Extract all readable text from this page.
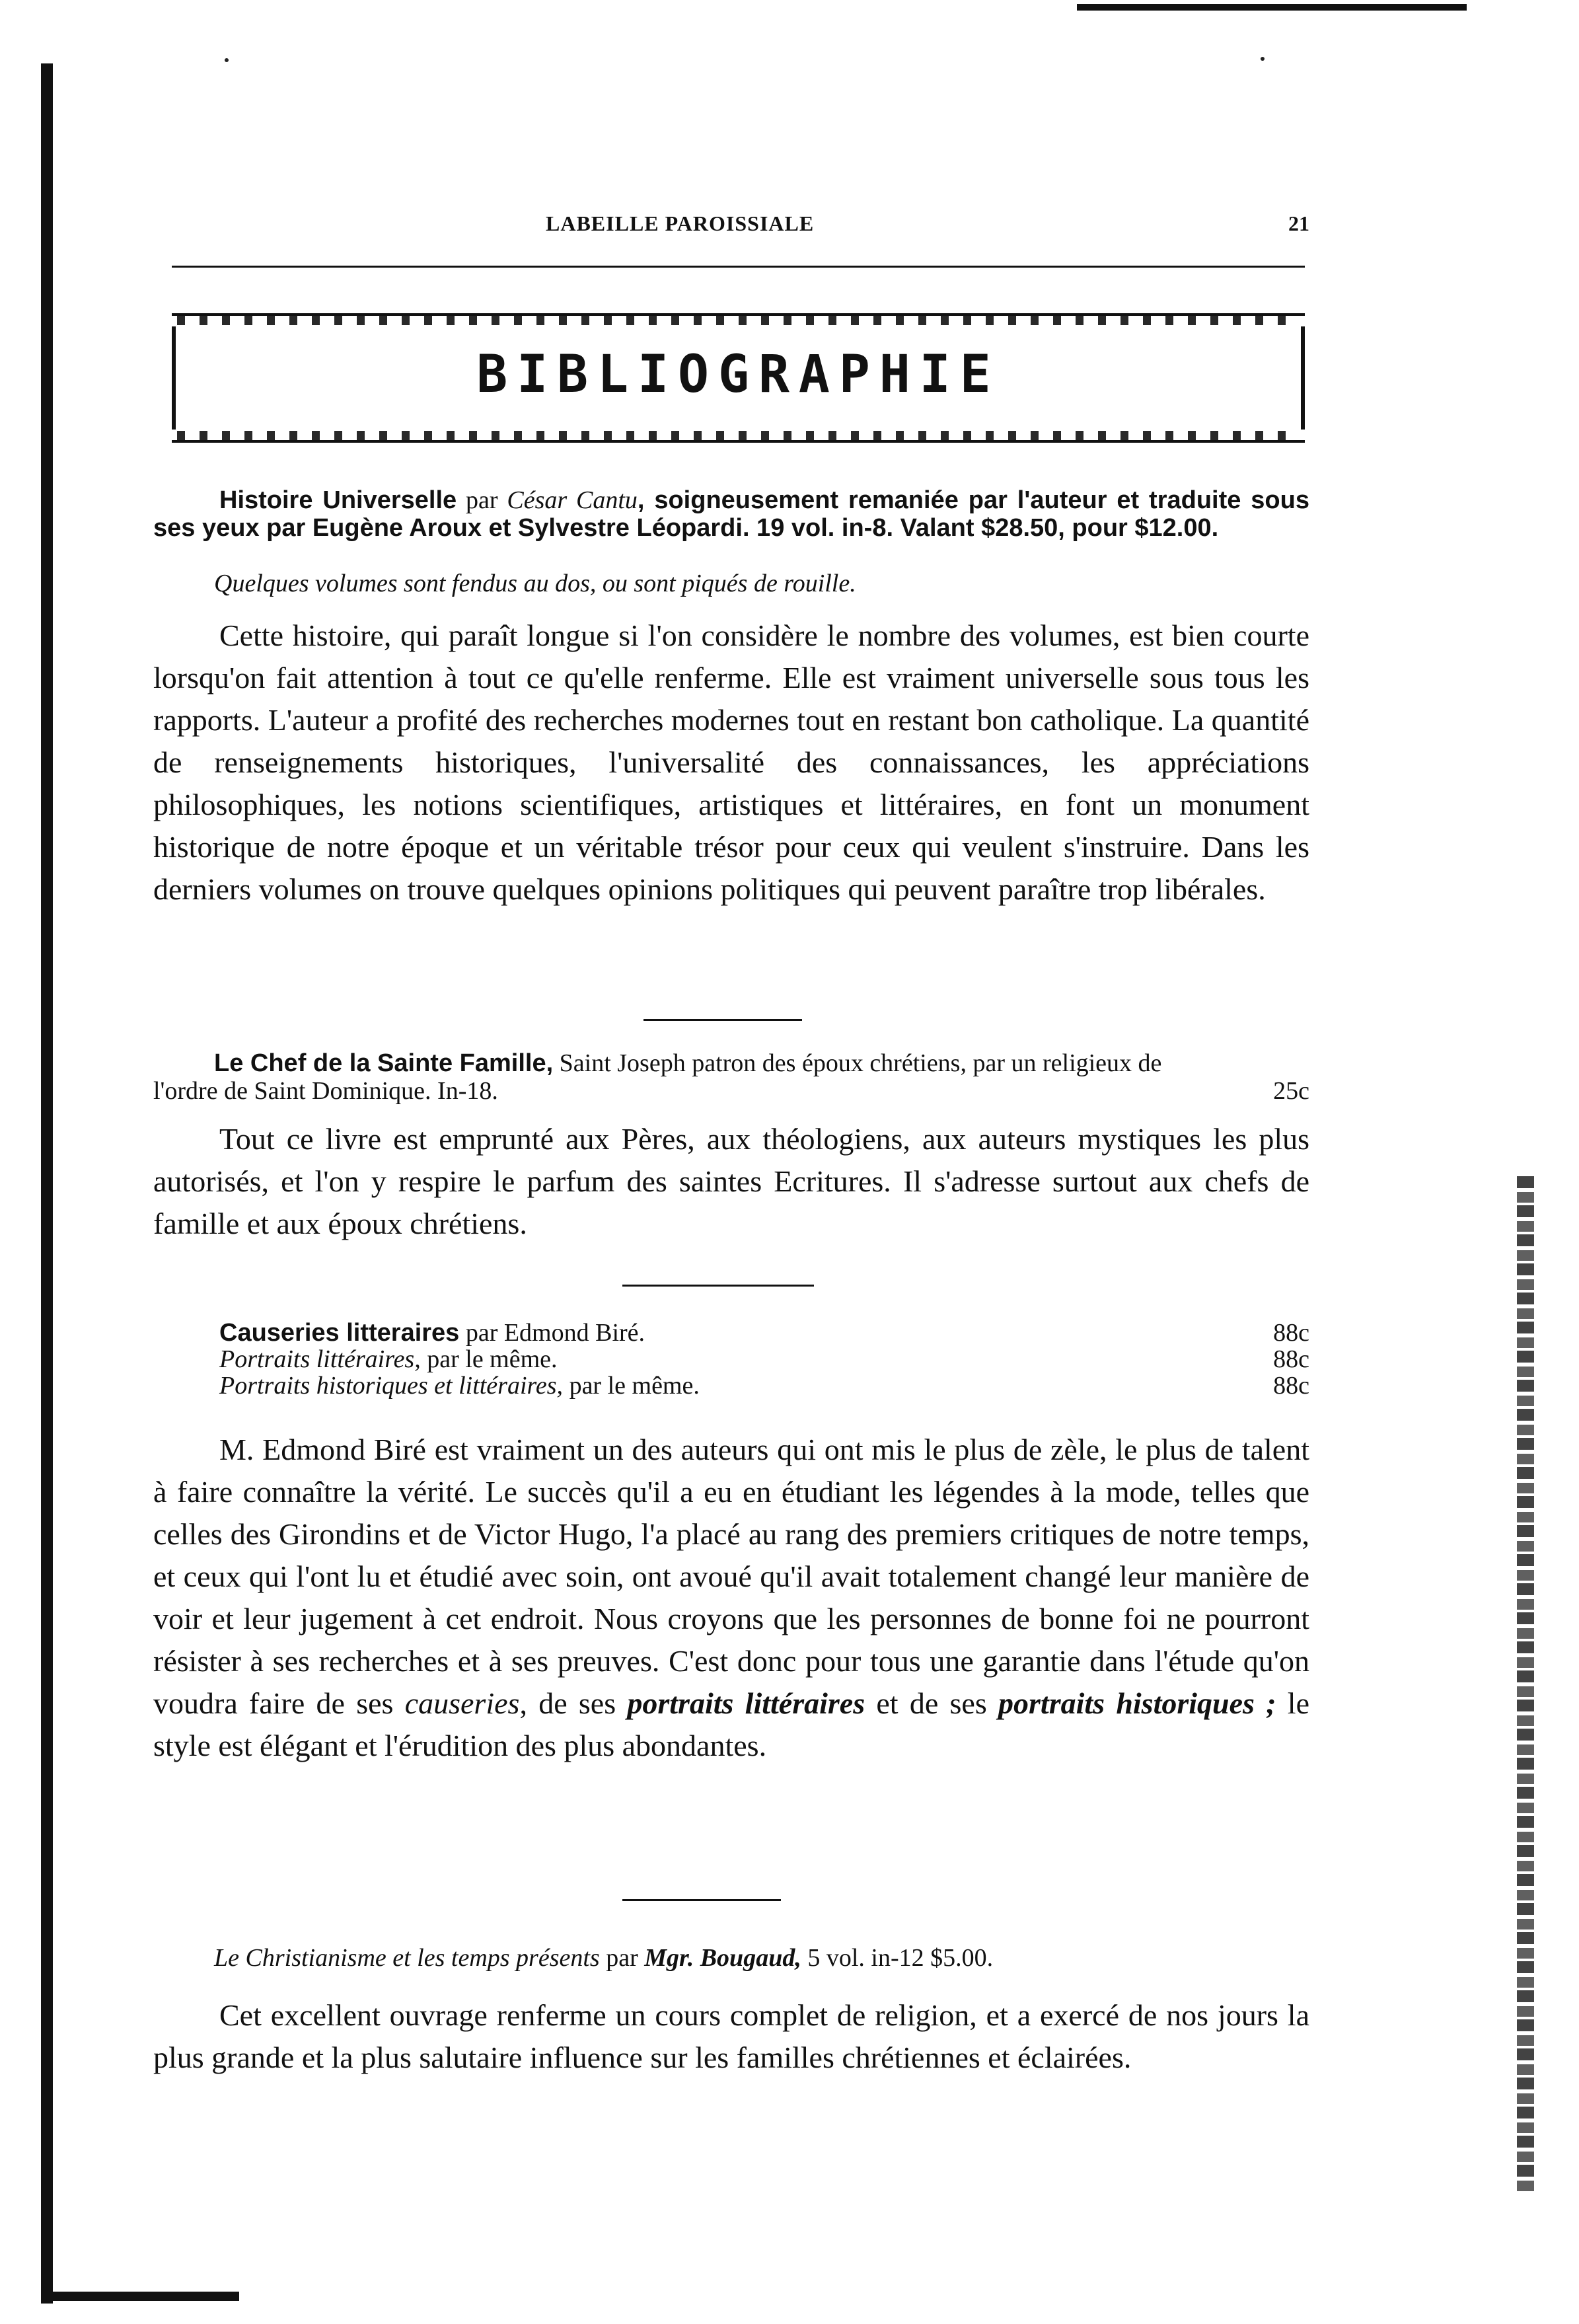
LABEILLE PAROISSIALE	21
BIBLIOGRAPHIE
Histoire Universelle par César Cantu, soigneusement remaniée par l'auteur et traduite sous ses yeux par Eugène Aroux et Sylvestre Léopardi. 19 vol. in-8. Valant $28.50, pour $12.00.
Quelques volumes sont fendus au dos, ou sont piqués de rouille.
Cette histoire, qui paraît longue si l'on considère le nombre des volumes, est bien courte lorsqu'on fait attention à tout ce qu'elle renferme. Elle est vraiment universelle sous tous les rapports. L'auteur a profité des recherches modernes tout en restant bon catholique. La quantité de renseignements historiques, l'universalité des connaissances, les appréciations philosophiques, les notions scientifiques, artistiques et littéraires, en font un monument historique de notre époque et un véritable trésor pour ceux qui veulent s'instruire. Dans les derniers volumes on trouve quelques opinions politiques qui peuvent paraître trop libérales.
Le Chef de la Sainte Famille, Saint Joseph patron des époux chrétiens, par un religieux de l'ordre de Saint Dominique. In-18.	25c
Tout ce livre est emprunté aux Pères, aux théologiens, aux auteurs mystiques les plus autorisés, et l'on y respire le parfum des saintes Ecritures. Il s'adresse surtout aux chefs de famille et aux époux chrétiens.
Causeries litteraires par Edmond Biré.	88c
Portraits littéraires, par le même.	88c
Portraits historiques et littéraires, par le même.	88c
M. Edmond Biré est vraiment un des auteurs qui ont mis le plus de zèle, le plus de talent à faire connaître la vérité. Le succès qu'il a eu en étudiant les légendes à la mode, telles que celles des Girondins et de Victor Hugo, l'a placé au rang des premiers critiques de notre temps, et ceux qui l'ont lu et étudié avec soin, ont avoué qu'il avait totalement changé leur manière de voir et leur jugement à cet endroit. Nous croyons que les personnes de bonne foi ne pourront résister à ses recherches et à ses preuves. C'est donc pour tous une garantie dans l'étude qu'on voudra faire de ses causeries, de ses portraits littéraires et de ses portraits historiques ; le style est élégant et l'érudition des plus abondantes.
Le Christianisme et les temps présents par Mgr. Bougaud, 5 vol. in-12 $5.00.
Cet excellent ouvrage renferme un cours complet de religion, et a exercé de nos jours la plus grande et la plus salutaire influence sur les familles chrétiennes et éclairées.
